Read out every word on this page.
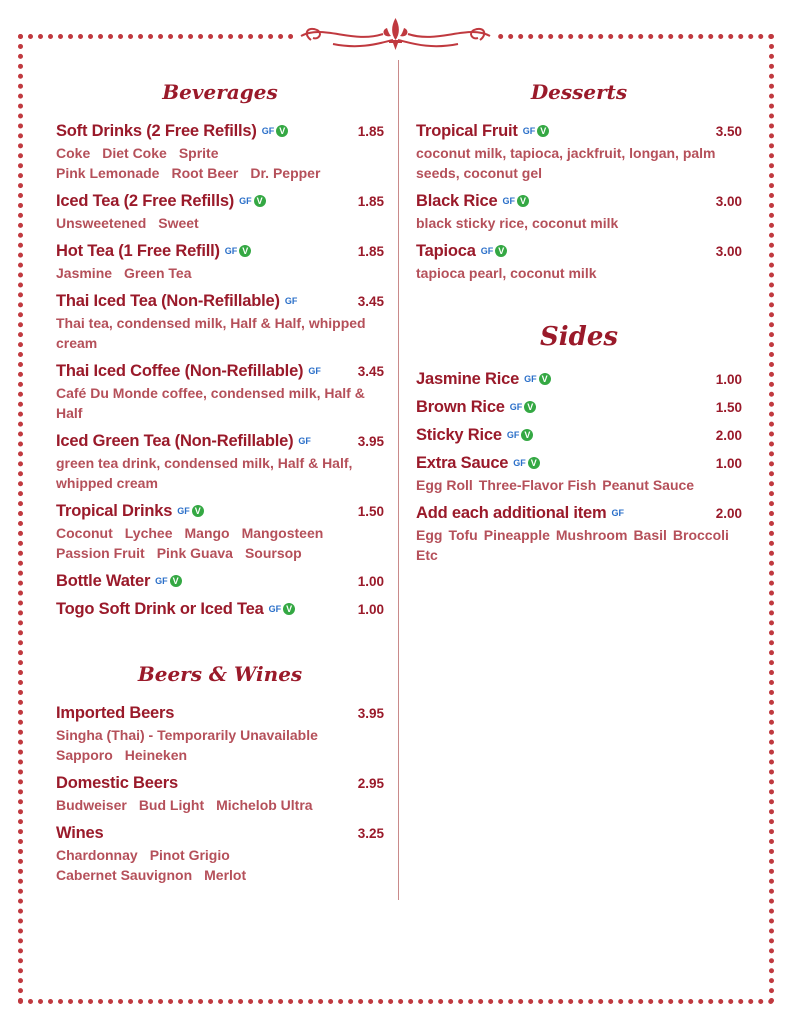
Beverages
Soft Drinks (2 Free Refills) GF V	1.85
Coke Diet Coke Sprite
Pink Lemonade Root Beer Dr. Pepper
Iced Tea (2 Free Refills) GF V	1.85
Unsweetened Sweet
Hot Tea (1 Free Refill) GF V	1.85
Jasmine Green Tea
Thai Iced Tea (Non-Refillable) GF	3.45
Thai tea, condensed milk, Half & Half, whipped cream
Thai Iced Coffee (Non-Refillable) GF	3.45
Café Du Monde coffee, condensed milk, Half & Half
Iced Green Tea (Non-Refillable) GF	3.95
green tea drink, condensed milk, Half & Half, whipped cream
Tropical Drinks GF V	1.50
Coconut Lychee Mango Mangosteen
Passion Fruit Pink Guava Soursop
Bottle Water GF V	1.00
Togo Soft Drink or Iced Tea GF V	1.00
Beers & Wines
Imported Beers	3.95
Singha (Thai) - Temporarily Unavailable
Sapporo Heineken
Domestic Beers	2.95
Budweiser Bud Light Michelob Ultra
Wines	3.25
Chardonnay Pinot Grigio
Cabernet Sauvignon Merlot
Desserts
Tropical Fruit GF V	3.50
coconut milk, tapioca, jackfruit, longan, palm seeds, coconut gel
Black Rice GF V	3.00
black sticky rice, coconut milk
Tapioca GF V	3.00
tapioca pearl, coconut milk
Sides
Jasmine Rice GF V	1.00
Brown Rice GF V	1.50
Sticky Rice GF V	2.00
Extra Sauce GF V	1.00
Egg Roll Three-Flavor Fish Peanut Sauce
Add each additional item GF	2.00
Egg Tofu Pineapple Mushroom Basil Broccoli
Etc
